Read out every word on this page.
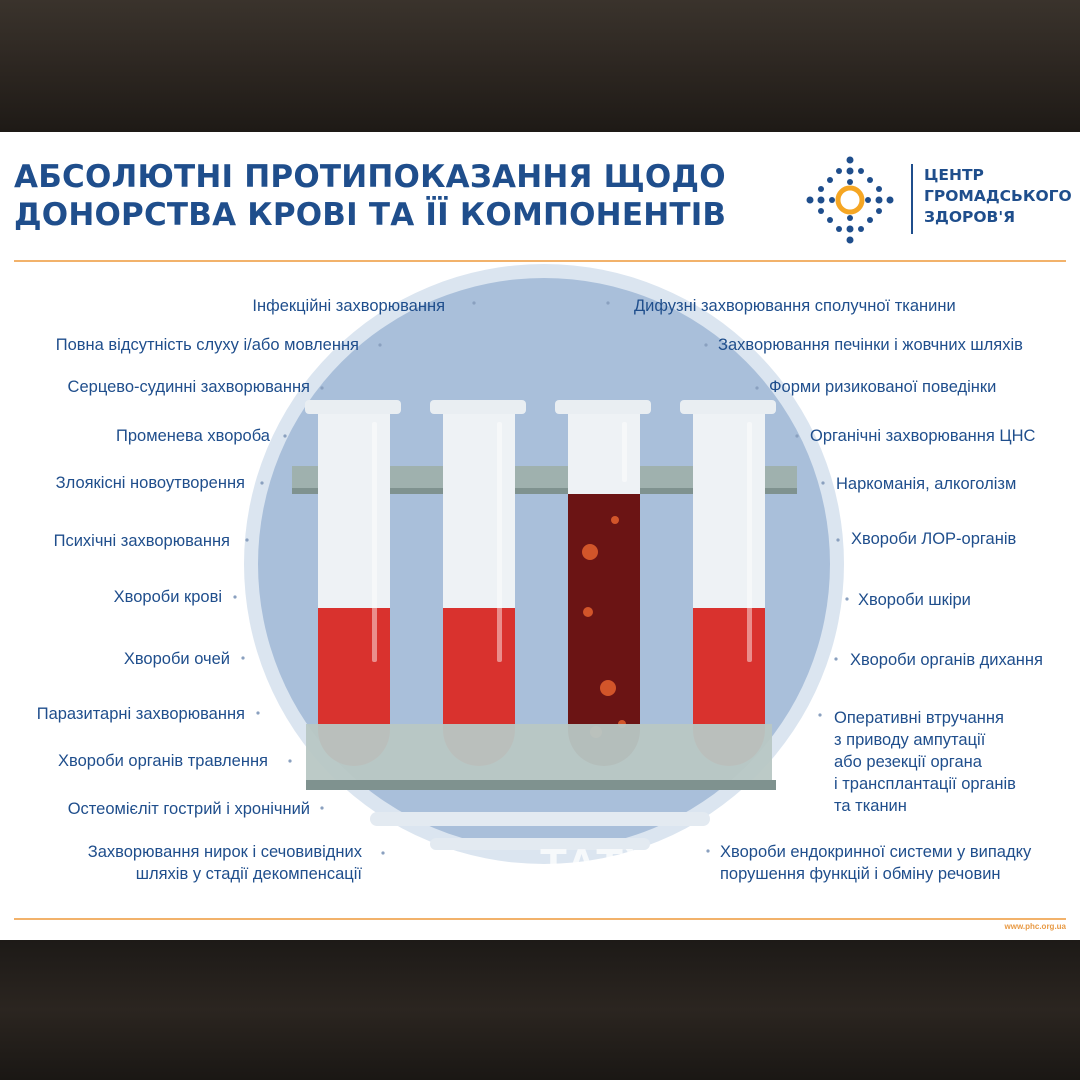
АБСОЛЮТНІ ПРОТИПОКАЗАННЯ ЩОДО
ДОНОРСТВА КРОВІ ТА ЇЇ КОМПОНЕНТІВ
ЦЕНТР
ГРОМАДСЬКОГО
ЗДОРОВ'Я
Інфекційні захворювання
Повна відсутність слуху і/або мовлення
Серцево-судинні захворювання
Променева хвороба
Злоякісні новоутворення
Психічні захворювання
Хвороби крові
Хвороби очей
Паразитарні захворювання
Хвороби органів травлення
Остеомієліт гострий і хронічний
Захворювання нирок і сечовивідних
шляхів у стадії декомпенсації
Дифузні захворювання сполучної тканини
Захворювання печінки і жовчних шляхів
Форми ризикованої поведінки
Органічні захворювання ЦНС
Наркоманія, алкоголізм
Хвороби ЛОР-органів
Хвороби шкіри
Хвороби органів дихання
Оперативні втручання
з приводу ампутації
або резекції органа
і трансплантації органів
та тканин
Хвороби ендокринної системи у випадку
порушення функцій і обміну речовин
TATY
www.phc.org.ua
